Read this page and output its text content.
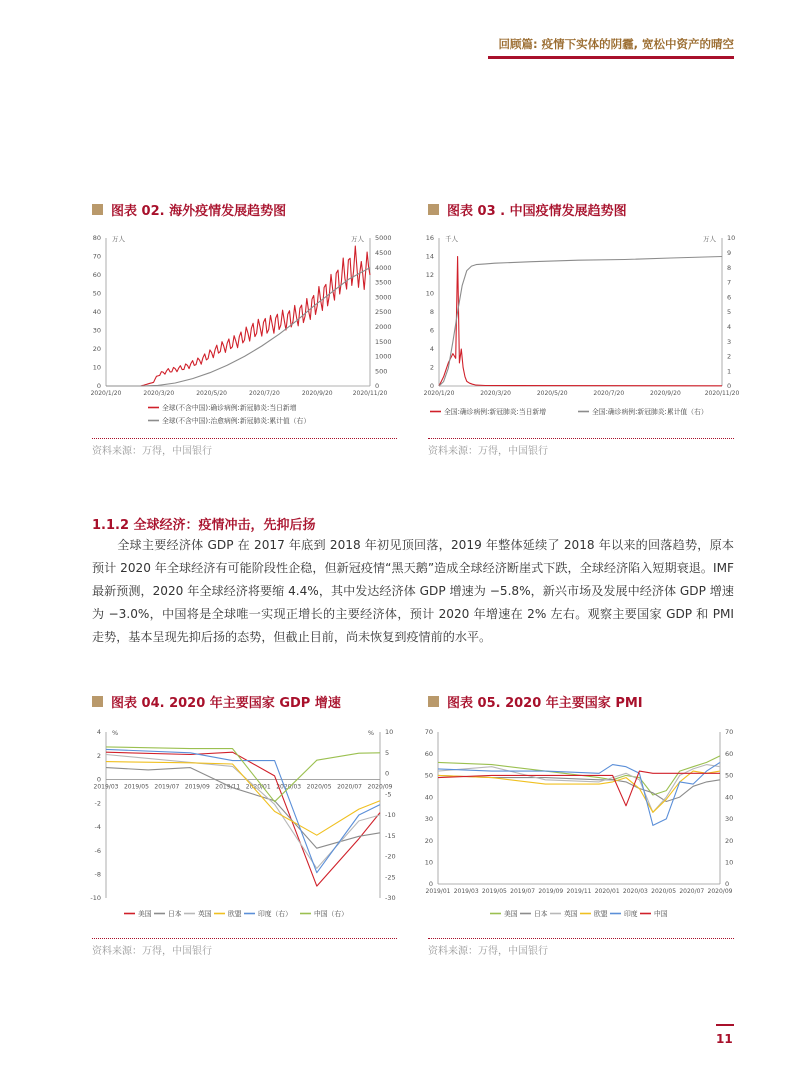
回顾篇: 疫情下实体的阴霾, 宽松中资产的晴空
图表 02. 海外疫情发展趋势图
0
10
20
30
40
50
60
70
80
0
500
1000
1500
2000
2500
3000
3500
4000
4500
5000
2020/1/20	2020/3/20	2020/5/20	2020/7/20	2020/9/20	2020/11/20
万人	万人
全球(不含中国):确诊病例:新冠肺炎:当日新增
全球(不含中国):治愈病例:新冠肺炎:累计值（右）
资料来源：万得，中国银行
图表 03 . 中国疫情发展趋势图
0
2
4
6
8
10
12
14
16
0
1
2
3
4
5
6
7
8
9
10
2020/1/20	2020/3/20	2020/5/20	2020/7/20	2020/9/20	2020/11/20
千人	万人
全国:确诊病例:新冠肺炎:当日新增	全国:确诊病例:新冠肺炎:累计值（右）
资料来源：万得，中国银行
1.1.2 全球经济：疫情冲击，先抑后扬
全球主要经济体 GDP 在 2017 年底到 2018 年初见顶回落，2019 年整体延续了 2018 年以来的回落趋势，原本预计 2020 年全球经济有可能阶段性企稳，但新冠疫情“黑天鹅”造成全球经济断崖式下跌，全球经济陷入短期衰退。IMF 最新预测，2020 年全球经济将要缩 4.4%，其中发达经济体 GDP 增速为 −5.8%，新兴市场及发展中经济体 GDP 增速为 −3.0%，中国将是全球唯一实现正增长的主要经济体，预计 2020 年增速在 2% 左右。观察主要国家 GDP 和 PMI 走势，基本呈现先抑后扬的态势，但截止目前，尚未恢复到疫情前的水平。
图表 04. 2020 年主要国家 GDP 增速
-10
-8
-6
-4
-2
0
2
4
-30
-25
-20
-15
-10
-5
0
5
10
2019/03 2019/05 2019/07 2019/09 2019/11 2020/01 2020/03 2020/05 2020/07 2020/09
%	%
美国 日本 英国 欧盟 印度（右）	中国（右）
资料来源：万得，中国银行
图表 05. 2020 年主要国家 PMI
0
10
20
30
40
50
60
70
0
10
20
30
40
50
60
70
2019/01 2019/03 2019/05 2019/07 2019/09 2019/11 2020/01 2020/03 2020/05 2020/07 2020/09
美国 日本 英国 欧盟 印度 中国
资料来源：万得，中国银行
11
